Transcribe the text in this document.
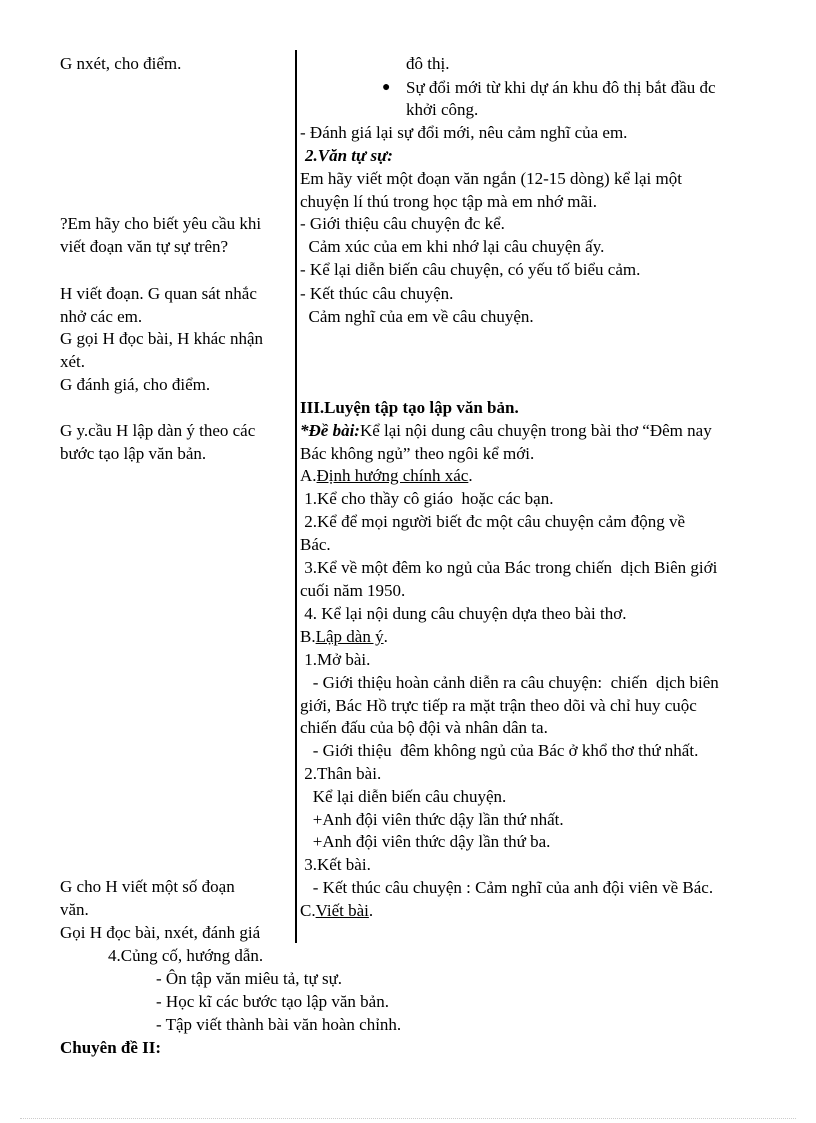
G nxét, cho điểm.
?Em hãy cho biết yêu cầu khi
viết đoạn văn tự sự trên?
H viết đoạn. G quan sát nhắc
nhở các em.
G gọi H đọc bài, H khác nhận
xét.
G đánh giá, cho điểm.
G y.cầu H lập dàn ý theo các
bước tạo lập văn bản.
G cho H viết một số đoạn
văn.
Gọi H đọc bài, nxét, đánh giá
đô thị.
● Sự đổi mới từ khi dự án khu đô thị bắt đầu đc
khởi công.
- Đánh giá lại sự đổi mới, nêu cảm nghĩ của em.
2.Văn tự sự:
Em hãy viết một đoạn văn ngắn (12-15 dòng) kể lại một
chuyện lí thú trong học tập mà em nhớ mãi.
- Giới thiệu câu chuyện đc kể.
Cảm xúc của em khi nhớ lại câu chuyện ấy.
- Kể lại diễn biến câu chuyện, có yếu tố biểu cảm.
- Kết thúc câu chuyện.
Cảm nghĩ của em về câu chuyện.
III.Luyện tập tạo lập văn bản.
*Đề bài:Kể lại nội dung câu chuyện trong bài thơ “Đêm nay
Bác không ngủ” theo ngôi kể mới.
A.Định hướng chính xác.
1.Kể cho thầy cô giáo  hoặc các bạn.
2.Kể để mọi người biết đc một câu chuyện cảm động về
Bác.
3.Kể về một đêm ko ngủ của Bác trong chiến  dịch Biên giới
cuối năm 1950.
4. Kể lại nội dung câu chuyện dựa theo bài thơ.
B.Lập dàn ý.
1.Mở bài.
- Giới thiệu hoàn cảnh diễn ra câu chuyện:  chiến  dịch biên
giới, Bác Hồ trực tiếp ra mặt trận theo dõi và chỉ huy cuộc
chiến đấu của bộ đội và nhân dân ta.
- Giới thiệu  đêm không ngủ của Bác ở khổ thơ thứ nhất.
2.Thân bài.
Kể lại diễn biến câu chuyện.
+Anh đội viên thức dậy lần thứ nhất.
+Anh đội viên thức dậy lần thứ ba.
3.Kết bài.
- Kết thúc câu chuyện : Cảm nghĩ của anh đội viên về Bác.
C.Viết bài.
4.Củng cố, hướng dẫn.
- Ôn tập văn miêu tả, tự sự.
- Học kĩ các bước tạo lập văn bản.
- Tập viết thành bài văn hoàn chỉnh.
Chuyên đề II:
